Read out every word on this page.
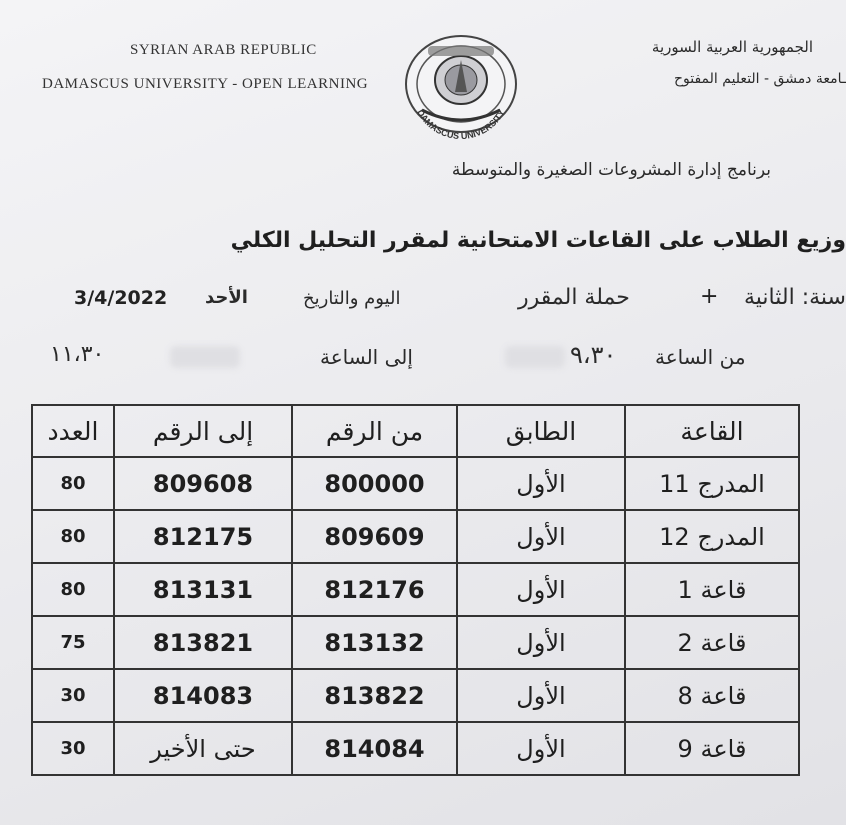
SYRIAN ARAB REPUBLIC
DAMASCUS UNIVERSITY - OPEN LEARNING
الجمهورية العربية السورية
ـامعة دمشق - التعليم المفتوح
DAMASCUS UNIVERSITY
برنامج إدارة المشروعات الصغيرة والمتوسطة
وزيع الطلاب على القاعات الامتحانية لمقرر التحليل الكلي
سنة: الثانية
+
حملة المقرر
اليوم والتاريخ
الأحد
3/4/2022
من الساعة
٩،٣٠
إلى الساعة
١١،٣٠
القاعة	الطابق	من الرقم	إلى الرقم	العدد
المدرج 11	الأول	800000	809608	80
المدرج 12	الأول	809609	812175	80
قاعة 1	الأول	812176	813131	80
قاعة 2	الأول	813132	813821	75
قاعة 8	الأول	813822	814083	30
قاعة 9	الأول	814084	حتى الأخير	30
